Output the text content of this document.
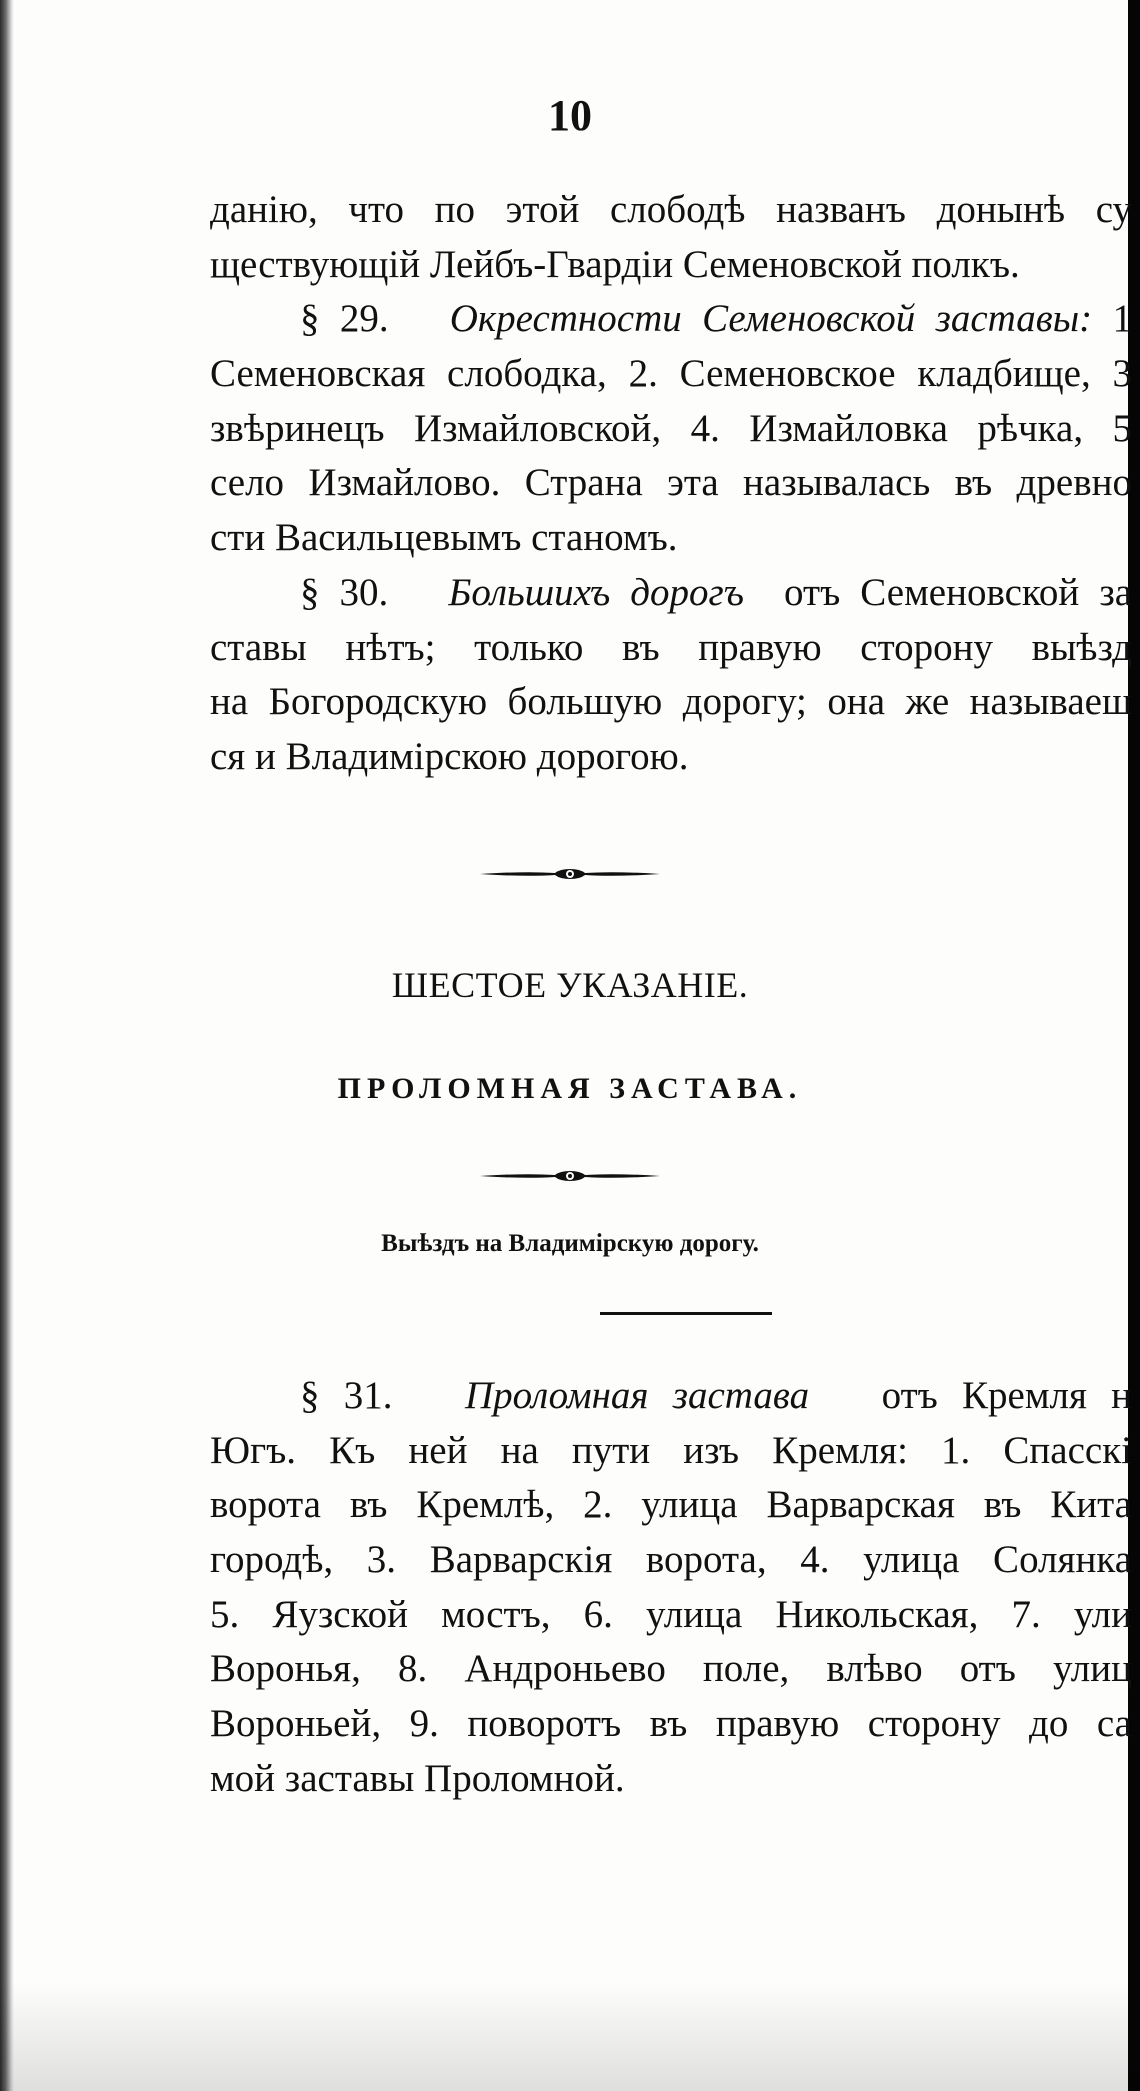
10
данію, что по этой слободѣ названъ донынѣ су
ществующій Лейбъ-Гвардіи Семеновской полкъ.
§ 29. Окрестности Семеновской заставы: 1
Семеновская слободка, 2. Семеновское кладбище, 3
звѣринецъ Измайловской, 4. Измайловка рѣчка, 5
село Измайлово. Страна эта называлась въ древно
сти Васильцевымъ станомъ.
§ 30. Большихъ дорогъ отъ Семеновской за
ставы нѣтъ; только въ правую сторону выѣзд
на Богородскую большую дорогу; она же называеш
ся и Владимірскою дорогою.
ШЕСТОЕ УКАЗАНІЕ.
ПРОЛОМНАЯ ЗАСТАВА.
Выѣздъ на Владимірскую дорогу.
§ 31. Проломная застава отъ Кремля н
Югъ. Къ ней на пути изъ Кремля: 1. Спасскі
ворота въ Кремлѣ, 2. улица Варварская въ Кита
городѣ, 3. Варварскія ворота, 4. улица Солянка
5. Яузской мостъ, 6. улица Никольская, 7. ули
Воронья, 8. Андроньево поле, влѣво отъ улиц
Вороньей, 9. поворотъ въ правую сторону до са
мой заставы Проломной.
